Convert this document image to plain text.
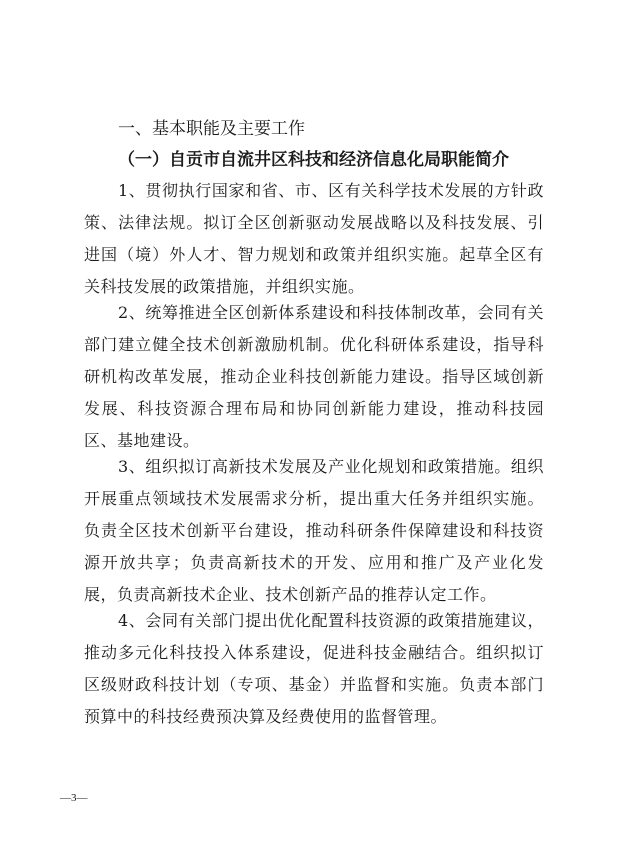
一、基本职能及主要工作
（一）自贡市自流井区科技和经济信息化局职能简介

1、贯彻执行国家和省、市、区有关科学技术发展的方针政策、法律法规。拟订全区创新驱动发展战略以及科技发展、引进国（境）外人才、智力规划和政策并组织实施。起草全区有关科技发展的政策措施，并组织实施。

2、统筹推进全区创新体系建设和科技体制改革，会同有关部门建立健全技术创新激励机制。优化科研体系建设，指导科研机构改革发展，推动企业科技创新能力建设。指导区域创新发展、科技资源合理布局和协同创新能力建设，推动科技园区、基地建设。

3、组织拟订高新技术发展及产业化规划和政策措施。组织开展重点领域技术发展需求分析，提出重大任务并组织实施。负责全区技术创新平台建设，推动科研条件保障建设和科技资源开放共享；负责高新技术的开发、应用和推广及产业化发展，负责高新技术企业、技术创新产品的推荐认定工作。

4、会同有关部门提出优化配置科技资源的政策措施建议，推动多元化科技投入体系建设，促进科技金融结合。组织拟订区级财政科技计划（专项、基金）并监督和实施。负责本部门预算中的科技经费预决算及经费使用的监督管理。

—3—
